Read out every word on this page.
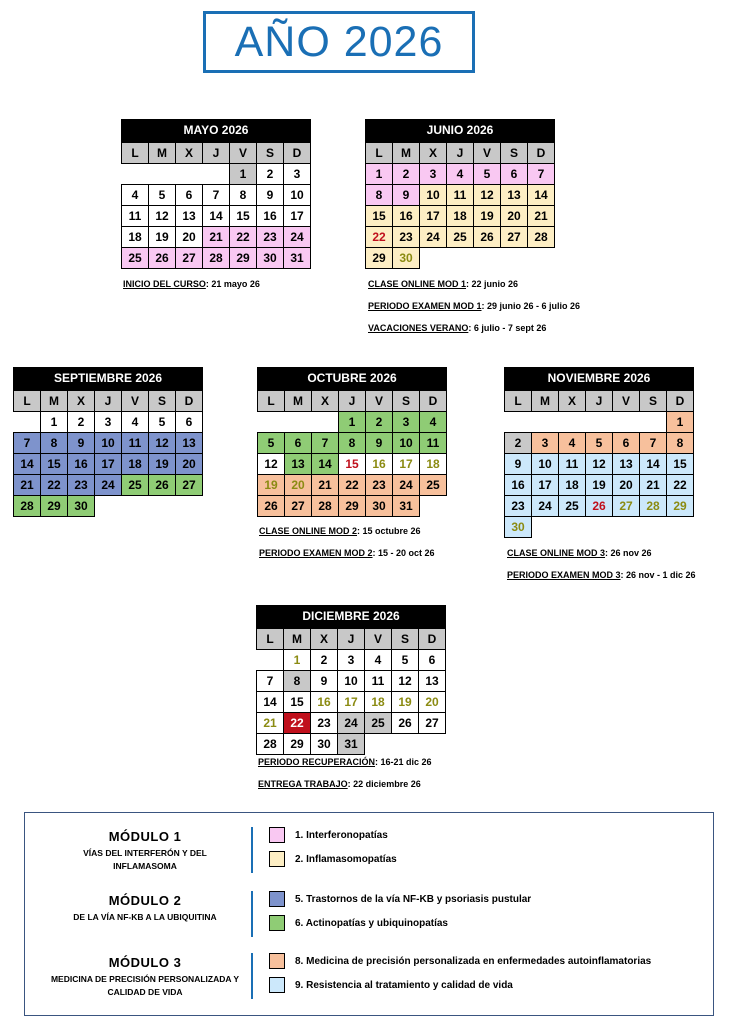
AÑO 2026
MAYO 2026
L	M	X	J	V	S	D
				1	2	3
4	5	6	7	8	9	10
11	12	13	14	15	16	17
18	19	20	21	22	23	24
25	26	27	28	29	30	31
JUNIO 2026
L	M	X	J	V	S	D
1	2	3	4	5	6	7
8	9	10	11	12	13	14
15	16	17	18	19	20	21
22	23	24	25	26	27	28
29	30					
SEPTIEMBRE 2026
L	M	X	J	V	S	D
	1	2	3	4	5	6
7	8	9	10	11	12	13
14	15	16	17	18	19	20
21	22	23	24	25	26	27
28	29	30				
OCTUBRE 2026
L	M	X	J	V	S	D
			1	2	3	4
5	6	7	8	9	10	11
12	13	14	15	16	17	18
19	20	21	22	23	24	25
26	27	28	29	30	31	
NOVIEMBRE 2026
L	M	X	J	V	S	D
						1
2	3	4	5	6	7	8
9	10	11	12	13	14	15
16	17	18	19	20	21	22
23	24	25	26	27	28	29
30						
DICIEMBRE 2026
L	M	X	J	V	S	D
	1	2	3	4	5	6
7	8	9	10	11	12	13
14	15	16	17	18	19	20
21	22	23	24	25	26	27
28	29	30	31			
INICIO DEL CURSO: 21 mayo 26	CLASE ONLINE MOD 1: 22 junio 26
PERIODO EXAMEN MOD 1: 29 junio 26 - 6 julio 26
VACACIONES VERANO: 6 julio - 7 sept 26
CLASE ONLINE MOD 2: 15 octubre 26
PERIODO EXAMEN MOD 2: 15 - 20 oct 26	CLASE ONLINE MOD 3: 26 nov 26
PERIODO EXAMEN MOD 3: 26 nov - 1 dic 26
PERIODO RECUPERACIÓN: 16-21 dic 26
ENTREGA TRABAJO: 22 diciembre 26
MÓDULO 1
VÍAS DEL INTERFERÓN Y DEL INFLAMASOMA
1. Interferonopatías
2. Inflamasomopatías
MÓDULO 2
DE LA VÍA NF-KB A LA UBIQUITINA
5. Trastornos de la vía NF-KB y psoriasis pustular
6. Actinopatías y ubiquinopatías
MÓDULO 3
MEDICINA DE PRECISIÓN PERSONALIZADA Y CALIDAD DE VIDA
8. Medicina de precisión personalizada en enfermedades autoinflamatorias
9. Resistencia al tratamiento y calidad de vida
